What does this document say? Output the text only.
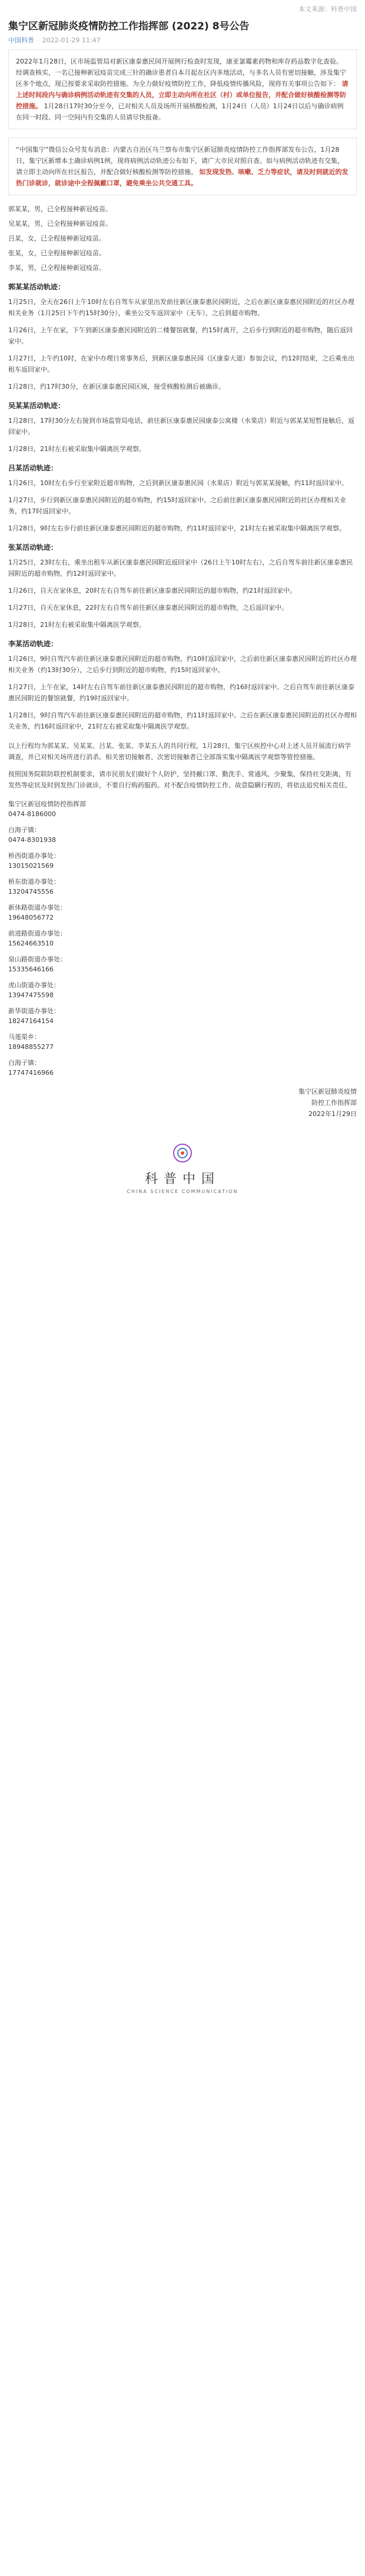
本文来源：科普中国
集宁区新冠肺炎疫情防控工作指挥部 (2022) 8号公告
中国科普 2022-01-29 11:47
2022年1月28日，区市场监管局对新区康泰惠民园开展例行检查时发现，康亚氯霉素药物和库存药品数字化查验。 经调查核实，一名已接种新冠疫苗完成三针的确诊患者自本月起在区内多地活动，与多名人员有密切接触，涉及集宁区多个地点，现已按要求采取防控措施。为全力做好疫情防控工作，降低疫情传播风险，现将有关事项公告如下： 请上述时间段内与确诊病例活动轨迹有交集的人员，立即主动向所在社区（村）或单位报告，并配合做好核酸检测等防控措施。 1月28日17时30分至今，已对相关人员及场所开展核酸检测，1月24日（人员）1月24日以后与确诊病例在同一时段、同一空间内有交集的人员请尽快报备。
“中国集宁”微信公众号发布消息：内蒙古自治区乌兰察布市集宁区新冠肺炎疫情防控工作指挥部发布公告，1月28日，集宁区新增本土确诊病例1例，现将病例活动轨迹公布如下，请广大市民对照自查。如与病例活动轨迹有交集，请立即主动向所在社区报告，并配合做好核酸检测等防控措施。 如发现发热、咳嗽、乏力等症状，请及时到就近的发热门诊就诊，就诊途中全程佩戴口罩，避免乘坐公共交通工具。

郭某某，男，已全程接种新冠疫苗。

吴某某，男，已全程接种新冠疫苗。

吕某，女，已全程接种新冠疫苗。

张某，女，已全程接种新冠疫苗。

李某，男，已全程接种新冠疫苗。

郭某某活动轨迹：

1月25日，全天在26日上午10时左右自驾车从家里出发前往新区康泰惠民园附近，之后在新区康泰惠民园附近的社区办理相关业务（1月25日下午约15时30分），乘坐公交车返回家中（无车），之后到超市购物。

1月26日，上午在家，下午到新区康泰惠民园附近的二楼餐馆就餐，约15时离开，之后步行到附近的超市购物，随后返回家中。

1月27日，上午约10时，在家中办理日常事务后，到新区康泰惠民园（区康泰大道）参加会议，约12时结束，之后乘坐出租车返回家中。

1月28日，约17时30分，在新区康泰惠民园区域，接受核酸检测后被确诊。

吴某某活动轨迹：

1月28日，17时30分左右接到市场监管局电话，前往新区康泰惠民园康泰公寓楼（水果店）附近与郭某某短暂接触后，返回家中。

1月28日，21时左右被采取集中隔离医学观察。

吕某活动轨迹：

1月26日，10时左右步行至家附近超市购物，之后到新区康泰惠民园（水果店）附近与郭某某接触，约11时返回家中。

1月27日，步行到新区康泰惠民园附近的超市购物，约15时返回家中。之后前往新区康泰惠民园附近的社区办理相关业务，约17时返回家中。

1月28日，9时左右步行前往新区康泰惠民园附近的超市购物，约11时返回家中，21时左右被采取集中隔离医学观察。

张某活动轨迹：

1月25日，23时左右，乘坐出租车从新区康泰惠民园附近返回家中（26日上午10时左右），之后自驾车前往新区康泰惠民园附近的超市购物，约12时返回家中。

1月26日，自天在家休息，20时左右自驾车前往新区康泰惠民园附近的超市购物，约21时返回家中。

1月27日，自天在家休息，22时左右自驾车前往新区康泰惠民园附近的超市购物，之后返回家中。

1月28日，21时左右被采取集中隔离医学观察。

李某活动轨迹：

1月26日，9时自驾汽车前往新区康泰惠民园附近的超市购物，约10时返回家中，之后前往新区康泰惠民园附近的社区办理相关业务（约13时30分），之后步行到附近的超市购物，约15时返回家中。

1月27日，上午在家，14时左右自驾车前往新区康泰惠民园附近的超市购物，约16时返回家中。之后自驾车前往新区康泰惠民园附近的餐馆就餐，约19时返回家中。

1月28日，9时自驾汽车前往新区康泰惠民园附近的超市购物，约11时返回家中。之后在新区康泰惠民园附近的社区办理相关业务，约16时返回家中，21时左右被采取集中隔离医学观察。

以上行程均为郭某某、吴某某、吕某、张某、李某五人的共同行程，1月28日，集宁区疾控中心对上述人员开展流行病学调查，并已对相关场所进行消杀。相关密切接触者、次密切接触者已全部落实集中隔离医学观察等管控措施。

按照国务院联防联控机制要求，请市民朋友们做好个人防护，坚持戴口罩、勤洗手、常通风、少聚集，保持社交距离，有发热等症状及时到发热门诊就诊，不要自行购药服药。对不配合疫情防控工作、故意隐瞒行程的，将依法追究相关责任。

集宁区新冠疫情防控指挥部
0474-8186000
白海子镇：
0474-8301938
桥西街道办事处：
13015021569
桥东街道办事处：
13204745556
新体路街道办事处：
19648056772
前进路街道办事处：
15624663510
泉山路街道办事处：
15335646166
虎山街道办事处：
13947475598
新华街道办事处：
18247164154
马莲渠乡：
18948855277
白海子镇：
17747416966
集宁区新冠肺炎疫情
防控工作指挥部
2022年1月29日
科普中国
CHINA SCIENCE COMMUNICATION
